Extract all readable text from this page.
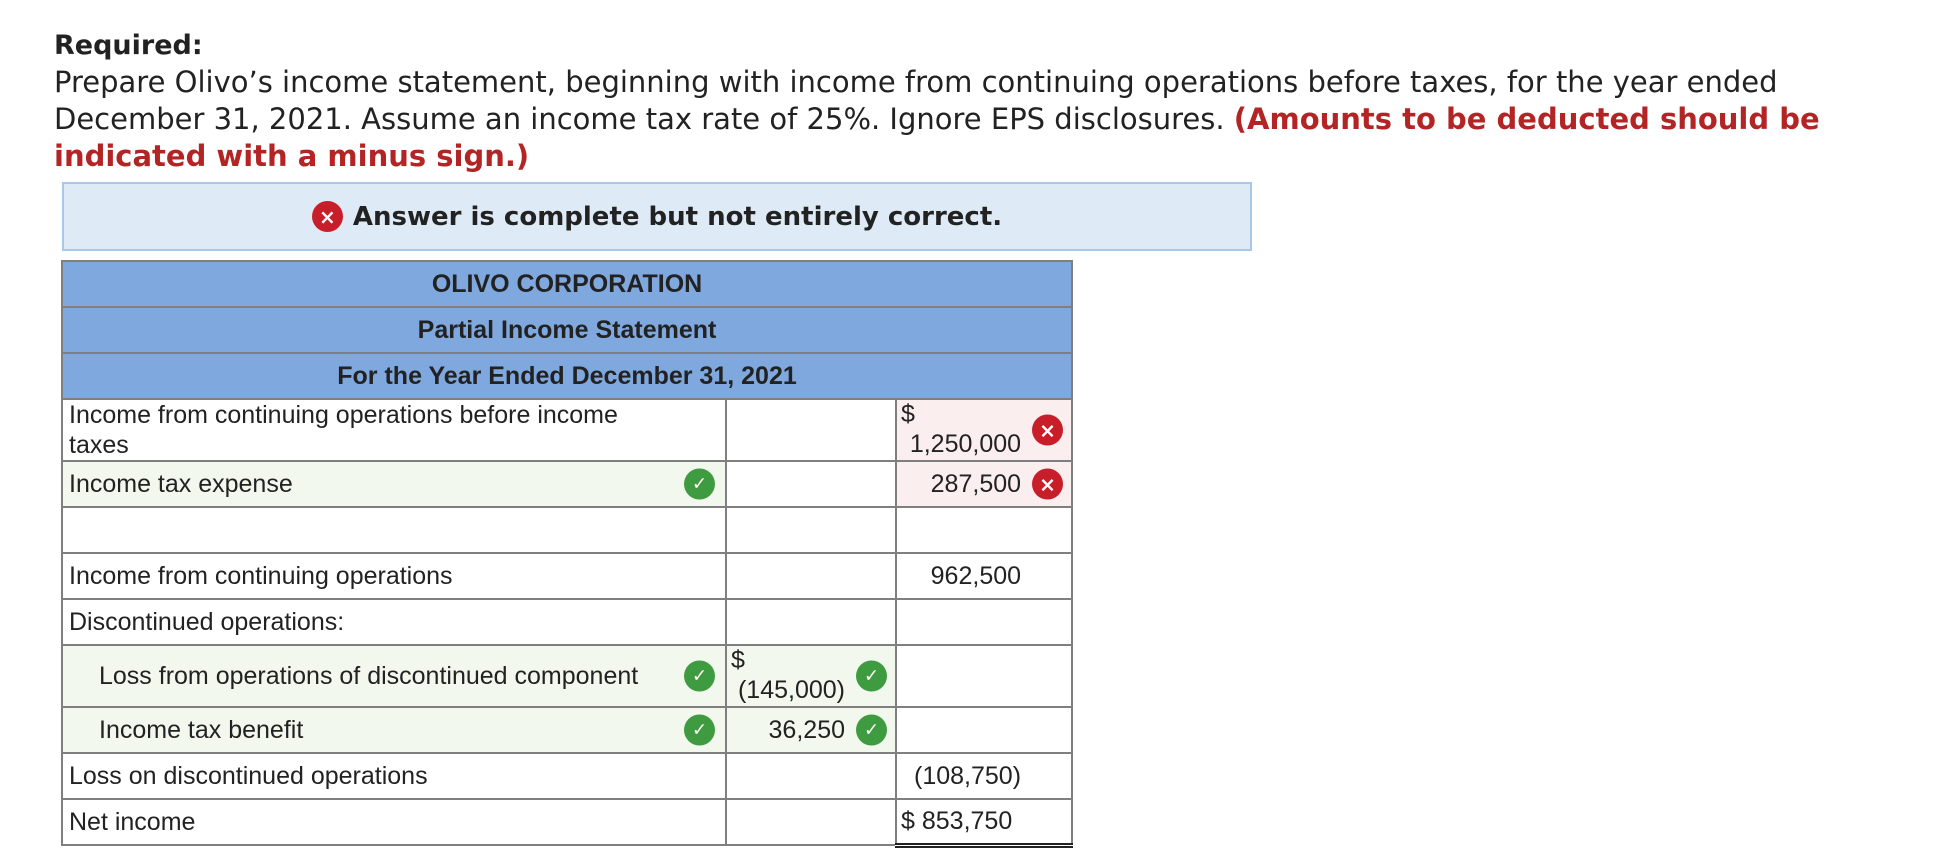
Required:
Prepare Olivo’s income statement, beginning with income from continuing operations before taxes, for the year ended December 31, 2021. Assume an income tax rate of 25%. Ignore EPS disclosures. (Amounts to be deducted should be indicated with a minus sign.)
× Answer is complete but not entirely correct.
OLIVO CORPORATION		
Partial Income Statement		
For the Year Ended December 31, 2021		
Income from continuing operations before income taxes		$
1,250,000 ×

Income tax expense ✓		287,500 ×

Income from continuing operations		962,500
Discontinued operations:		
Loss from operations of discontinued component ✓	$
(145,000) ✓	

Income tax benefit ✓	36,250 ✓	

Loss on discontinued operations		(108,750)
Net income		$ 853,750
